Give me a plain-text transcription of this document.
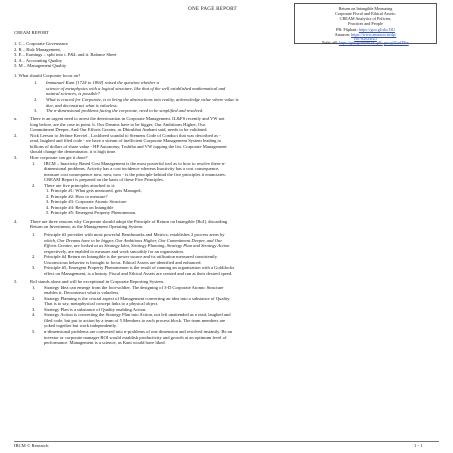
ONE PAGE REPORT	Return on Intangible Measuring
Corporate Fiscal and Ethical Assets:
CREAM Analytics of Policies,
Practices and People
PB: Flipkart: https://goo.gl/xkcJ3U
Amazon: https://www.amazon.in/dp/
B07826ZRZJ
Pothi: eB: https://goo.gl/AWPt2JC pB: goo.gl/GadT8rx
CREAM REPORT
1. C – Corporate Governance
2. R – Risk Management,
3. E – Earnings – split into i. P&L and ii. Balance Sheet
4. A – Accounting Quality
5. M – Management Quality
1. What should Corporate focus on?
1. Immanuel Kant [1724 to 1804] raised the question whether a
science of metaphysics with a logical structure, like that of the well established mathematical and
natural sciences, is possible?
2. What is crucial for Corporate, is to bring the abstractions into reality, acknowledge value where value is
due, and deconstruct what is valueless.
3. The n-dimensional problems facing the corporate, need to be simplified and resolved.
a.	There is an urgent need to arrest the deterioration in Corporate Management. IL&FS recently and VW not
long before, are the case in point. b. Our Dreams have to be bigger, Our Ambitions Higher, Our
Commitment Deeper, And Our Efforts Greater, as Dhirubhai Ambani said, needs to be validated.
2.	Nick Leeson to Jérôme Kerviel , Lockheed scandal to Siemens Code of Conduct that was described as -
read, laughed and filed code - we have a stream of inefficient Corporate Management System leading to
billions of dollars of share value - HP Autonomy, Toshiba and VW topping the list. Corporate Management
should change the denominator, it is high time.
3.	How corporate can get it done?
1. IBCM – Inactivity Based Cost Management is the most powerful tool as to how to resolve these n-
dimensional problems. Activity has a cost incidence whereas Inactivity has a cost consequence,
measure cost consequence now, now, now - is the principle behind the five principles it enunciates:
CREAM Report is prepared on the basis of these Five Principles.
2. There are five principles attached to it:
1. Principle #1: What gets measured, gets Managed,
2. Principle #2: How to measure?
3. Principle #3: Corporate Atomic Structure
4. Principle #4: Return on Intangible
5. Principle #5: Emergent Property Phenomenon.
4.	There are three reasons why Corporate should adopt the Principle of Return on Intangible [RoI], discarding
Return on Investment, as the Management Operating System.
1. Principle #3 provides with most powerful Benchmarks and Metrics; establishes 2 process areas by
which, Our Dreams have to be bigger, Our Ambitions Higher, Our Commitment Deeper, and Our
Efforts Greater, are looked at as Strategy Idea, Strategy Planning, Strategy Plan and Strategy Action
respectively, are enabled to measure and work smoothly for an organisation.
2. Principle #4 Return on Intangible is the power source and its utilisation measured consistently.
Unconscious behavior is brought to focus. Ethical Assets are identified and enhanced.
3. Principle #5, Emergent Property Phenomenon is the result of running an organisation with a Goldilocks
effect on Management, is a beauty. Fiscal and Ethical Assets are created and run at their desired speed.
5.	RoI stands alone and will be exceptional in Corporate Reporting System.
1. Strategy Idea can emerge from the foot-soldier. The designing of 3-D Corporate Atomic Structure
enables it. Deconstruct what is valueless.
2. Strategy Planning is the crucial aspect of Management converting an idea into a substance of Quality.
That is to say, metaphysical concept links to a physical object.
3. Strategy Plan is a substance of Quality enabling Action.
4. Strategy Action is converting the Strategy Plan into Action, not left unattended as a read, laughed and
filed code, but put to action by a team of 5 Members to each process block. The team members are
yoked together but work independently.
5. n-dimensional problems are converted into n-problems of one dimension and resolved instantly. Be an
investor or corporate manager ROI would establish productivity and growth at an optimum level of
performance. Management is a science, as Kant would have liked.
IBCM © Research	1 - 1
